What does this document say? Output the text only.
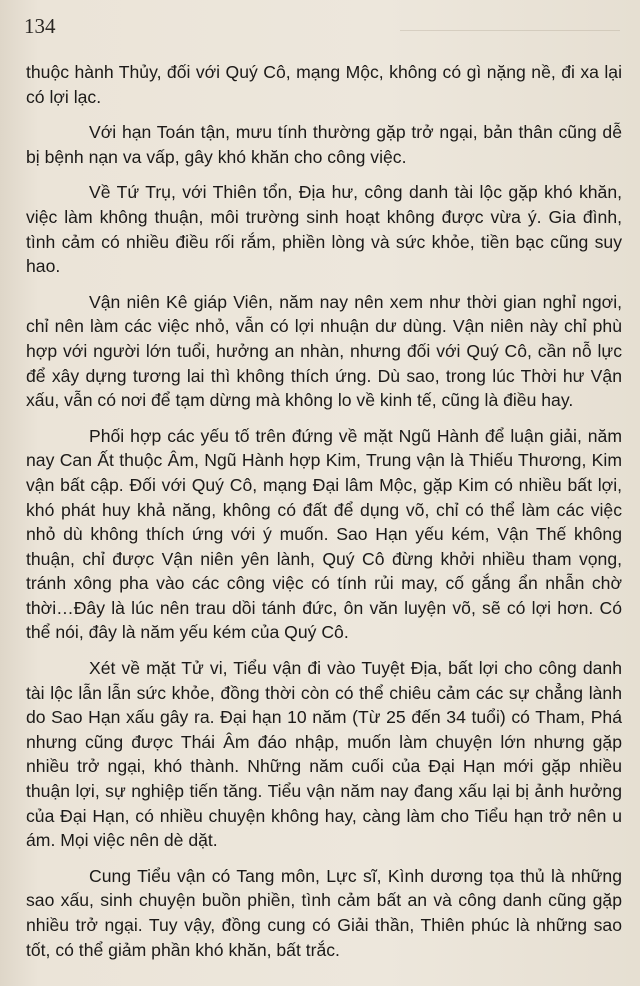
134

thuộc hành Thủy, đối với Quý Cô, mạng Mộc, không có gì nặng nề, đi xa lại có lợi lạc.

Với hạn Toán tận, mưu tính thường gặp trở ngại, bản thân cũng dễ bị bệnh nạn va vấp, gây khó khăn cho công việc.

Về Tứ Trụ, với Thiên tổn, Địa hư, công danh tài lộc gặp khó khăn, việc làm không thuận, môi trường sinh hoạt không được vừa ý. Gia đình, tình cảm có nhiều điều rối rắm, phiền lòng và sức khỏe, tiền bạc cũng suy hao.

Vận niên Kê giáp Viên, năm nay nên xem như thời gian nghỉ ngơi, chỉ nên làm các việc nhỏ, vẫn có lợi nhuận dư dùng. Vận niên này chỉ phù hợp với người lớn tuổi, hưởng an nhàn, nhưng đối với Quý Cô, cần nỗ lực để xây dựng tương lai thì không thích ứng. Dù sao, trong lúc Thời hư Vận xấu, vẫn có nơi để tạm dừng mà không lo về kinh tế, cũng là điều hay.

Phối hợp các yếu tố trên đứng về mặt Ngũ Hành để luận giải, năm nay Can Ất thuộc Âm, Ngũ Hành hợp Kim, Trung vận là Thiếu Thương, Kim vận bất cập. Đối với Quý Cô, mạng Đại lâm Mộc, gặp Kim có nhiều bất lợi, khó phát huy khả năng, không có đất để dụng võ, chỉ có thể làm các việc nhỏ dù không thích ứng với ý muốn. Sao Hạn yếu kém, Vận Thế không thuận, chỉ được Vận niên yên lành, Quý Cô đừng khởi nhiều tham vọng, tránh xông pha vào các công việc có tính rủi may, cố gắng ẩn nhẫn chờ thời…Đây là lúc nên trau dồi tánh đức, ôn văn luyện võ, sẽ có lợi hơn. Có thể nói, đây là năm yếu kém của Quý Cô.

Xét về mặt Tử vi, Tiểu vận đi vào Tuyệt Địa, bất lợi cho công danh tài lộc lẫn lẫn sức khỏe, đồng thời còn có thể chiêu cảm các sự chẳng lành do Sao Hạn xấu gây ra. Đại hạn 10 năm (Từ 25 đến 34 tuổi) có Tham, Phá nhưng cũng được Thái Âm đáo nhập, muốn làm chuyện lớn nhưng gặp nhiều trở ngại, khó thành. Những năm cuối của Đại Hạn mới gặp nhiều thuận lợi, sự nghiệp tiến tăng. Tiểu vận năm nay đang xấu lại bị ảnh hưởng của Đại Hạn, có nhiều chuyện không hay, càng làm cho Tiểu hạn trở nên u ám. Mọi việc nên dè dặt.

Cung Tiểu vận có Tang môn, Lực sĩ, Kình dương tọa thủ là những sao xấu, sinh chuyện buồn phiền, tình cảm bất an và công danh cũng gặp nhiều trở ngại. Tuy vậy, đồng cung có Giải thần, Thiên phúc là những sao tốt, có thể giảm phần khó khăn, bất trắc.
